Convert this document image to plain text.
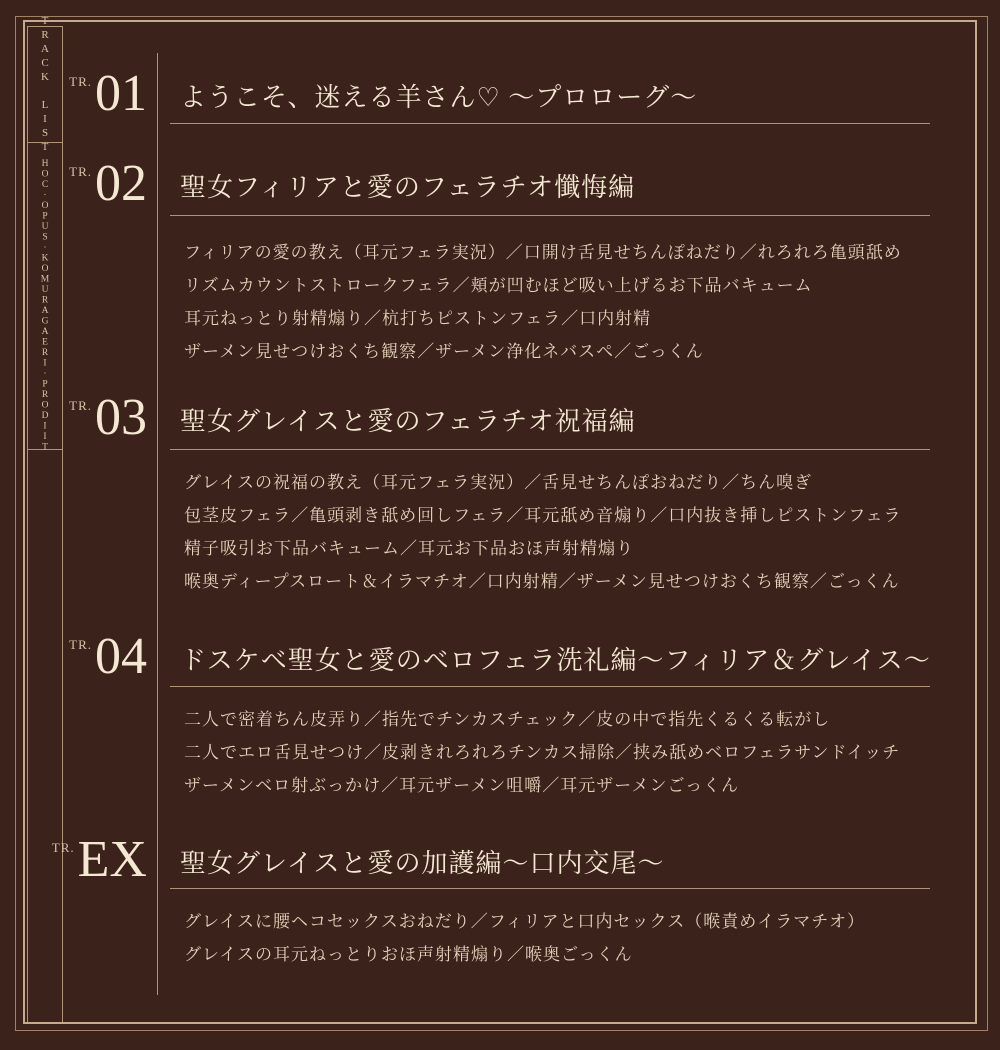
TRACK LIST
HOC·OPUS·KOMURAGAERI·PRODIIT
$^{TR.}$01 ようこそ、迷える羊さん♡ ～プロローグ～
$^{TR.}$02 聖女フィリアと愛のフェラチオ懺悔編
フィリアの愛の教え（耳元フェラ実況）／口開け舌見せちんぽねだり／れろれろ亀頭舐め
リズムカウントストロークフェラ／頬が凹むほど吸い上げるお下品バキューム
耳元ねっとり射精煽り／杭打ちピストンフェラ／口内射精
ザーメン見せつけおくち観察／ザーメン浄化ネバスペ／ごっくん
$^{TR.}$03 聖女グレイスと愛のフェラチオ祝福編
グレイスの祝福の教え（耳元フェラ実況）／舌見せちんぽおねだり／ちん嗅ぎ
包茎皮フェラ／亀頭剥き舐め回しフェラ／耳元舐め音煽り／口内抜き挿しピストンフェラ
精子吸引お下品バキューム／耳元お下品おほ声射精煽り
喉奥ディープスロート＆イラマチオ／口内射精／ザーメン見せつけおくち観察／ごっくん
$^{TR.}$04 ドスケベ聖女と愛のベロフェラ洗礼編～フィリア＆グレイス～
二人で密着ちん皮弄り／指先でチンカスチェック／皮の中で指先くるくる転がし
二人でエロ舌見せつけ／皮剥きれろれろチンカス掃除／挟み舐めベロフェラサンドイッチ
ザーメンベロ射ぶっかけ／耳元ザーメン咀嚼／耳元ザーメンごっくん
$^{TR.}$EX 聖女グレイスと愛の加護編～口内交尾～
グレイスに腰ヘコセックスおねだり／フィリアと口内セックス（喉責めイラマチオ）
グレイスの耳元ねっとりおほ声射精煽り／喉奥ごっくん
